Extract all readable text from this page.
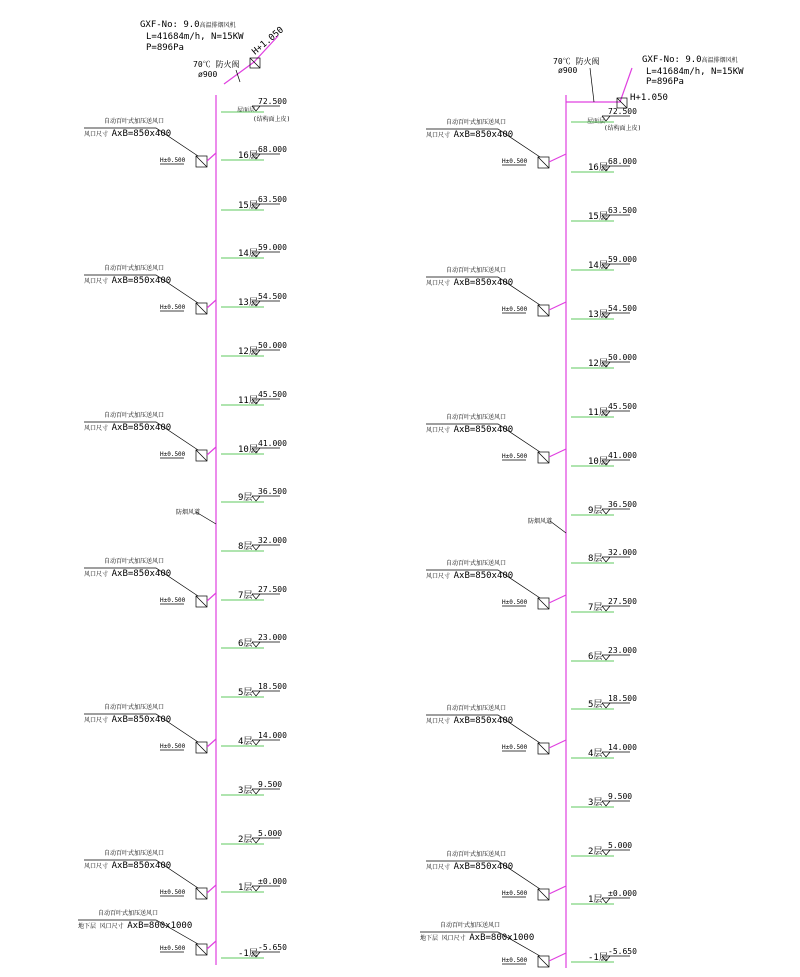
GXF-No: 9.0高温排烟风机
L=41684m/h, N=15KW
P=896Pa	H+1.050
70℃ 防火阀
ø900
屋面层
(结构面上皮)
防烟风道
72.500
68.000
16层
63.500
15层
59.000
14层
54.500
13层
50.000
12层
45.500
11层
41.000
10层
36.500
9层
32.000
8层
27.500
7层
23.000
6层
18.500
5层
14.000
4层
9.500
3层
5.000
2层
±0.000
1层
-5.650
-1层
H±0.500
自动百叶式加压送风口
风口尺寸 AxB=850x400
H±0.500
自动百叶式加压送风口
风口尺寸 AxB=850x400
H±0.500
自动百叶式加压送风口
风口尺寸 AxB=850x400
H±0.500
自动百叶式加压送风口
风口尺寸 AxB=850x400
H±0.500
自动百叶式加压送风口
风口尺寸 AxB=850x400
H±0.500
自动百叶式加压送风口
风口尺寸 AxB=850x400
H±0.500
自动百叶式加压送风口
地下层 风口尺寸 AxB=800x1000
GXF-No: 9.0高温排烟风机
L=41684m/h, N=15KW
P=896Pa
H+1.050
70℃ 防火阀
ø900
屋面层
(结构面上皮)
防烟风道
72.500
68.000
16层
63.500
15层
59.000
14层
54.500
13层
50.000
12层
45.500
11层
41.000
10层
36.500
9层
32.000
8层
27.500
7层
23.000
6层
18.500
5层
14.000
4层
9.500
3层
5.000
2层
±0.000
1层
-5.650
-1层
H±0.500
自动百叶式加压送风口
风口尺寸 AxB=850x400
H±0.500
自动百叶式加压送风口
风口尺寸 AxB=850x400
H±0.500
自动百叶式加压送风口
风口尺寸 AxB=850x400
H±0.500
自动百叶式加压送风口
风口尺寸 AxB=850x400
H±0.500
自动百叶式加压送风口
风口尺寸 AxB=850x400
H±0.500
自动百叶式加压送风口
风口尺寸 AxB=850x400
H±0.500
自动百叶式加压送风口
地下层 风口尺寸 AxB=800x1000
